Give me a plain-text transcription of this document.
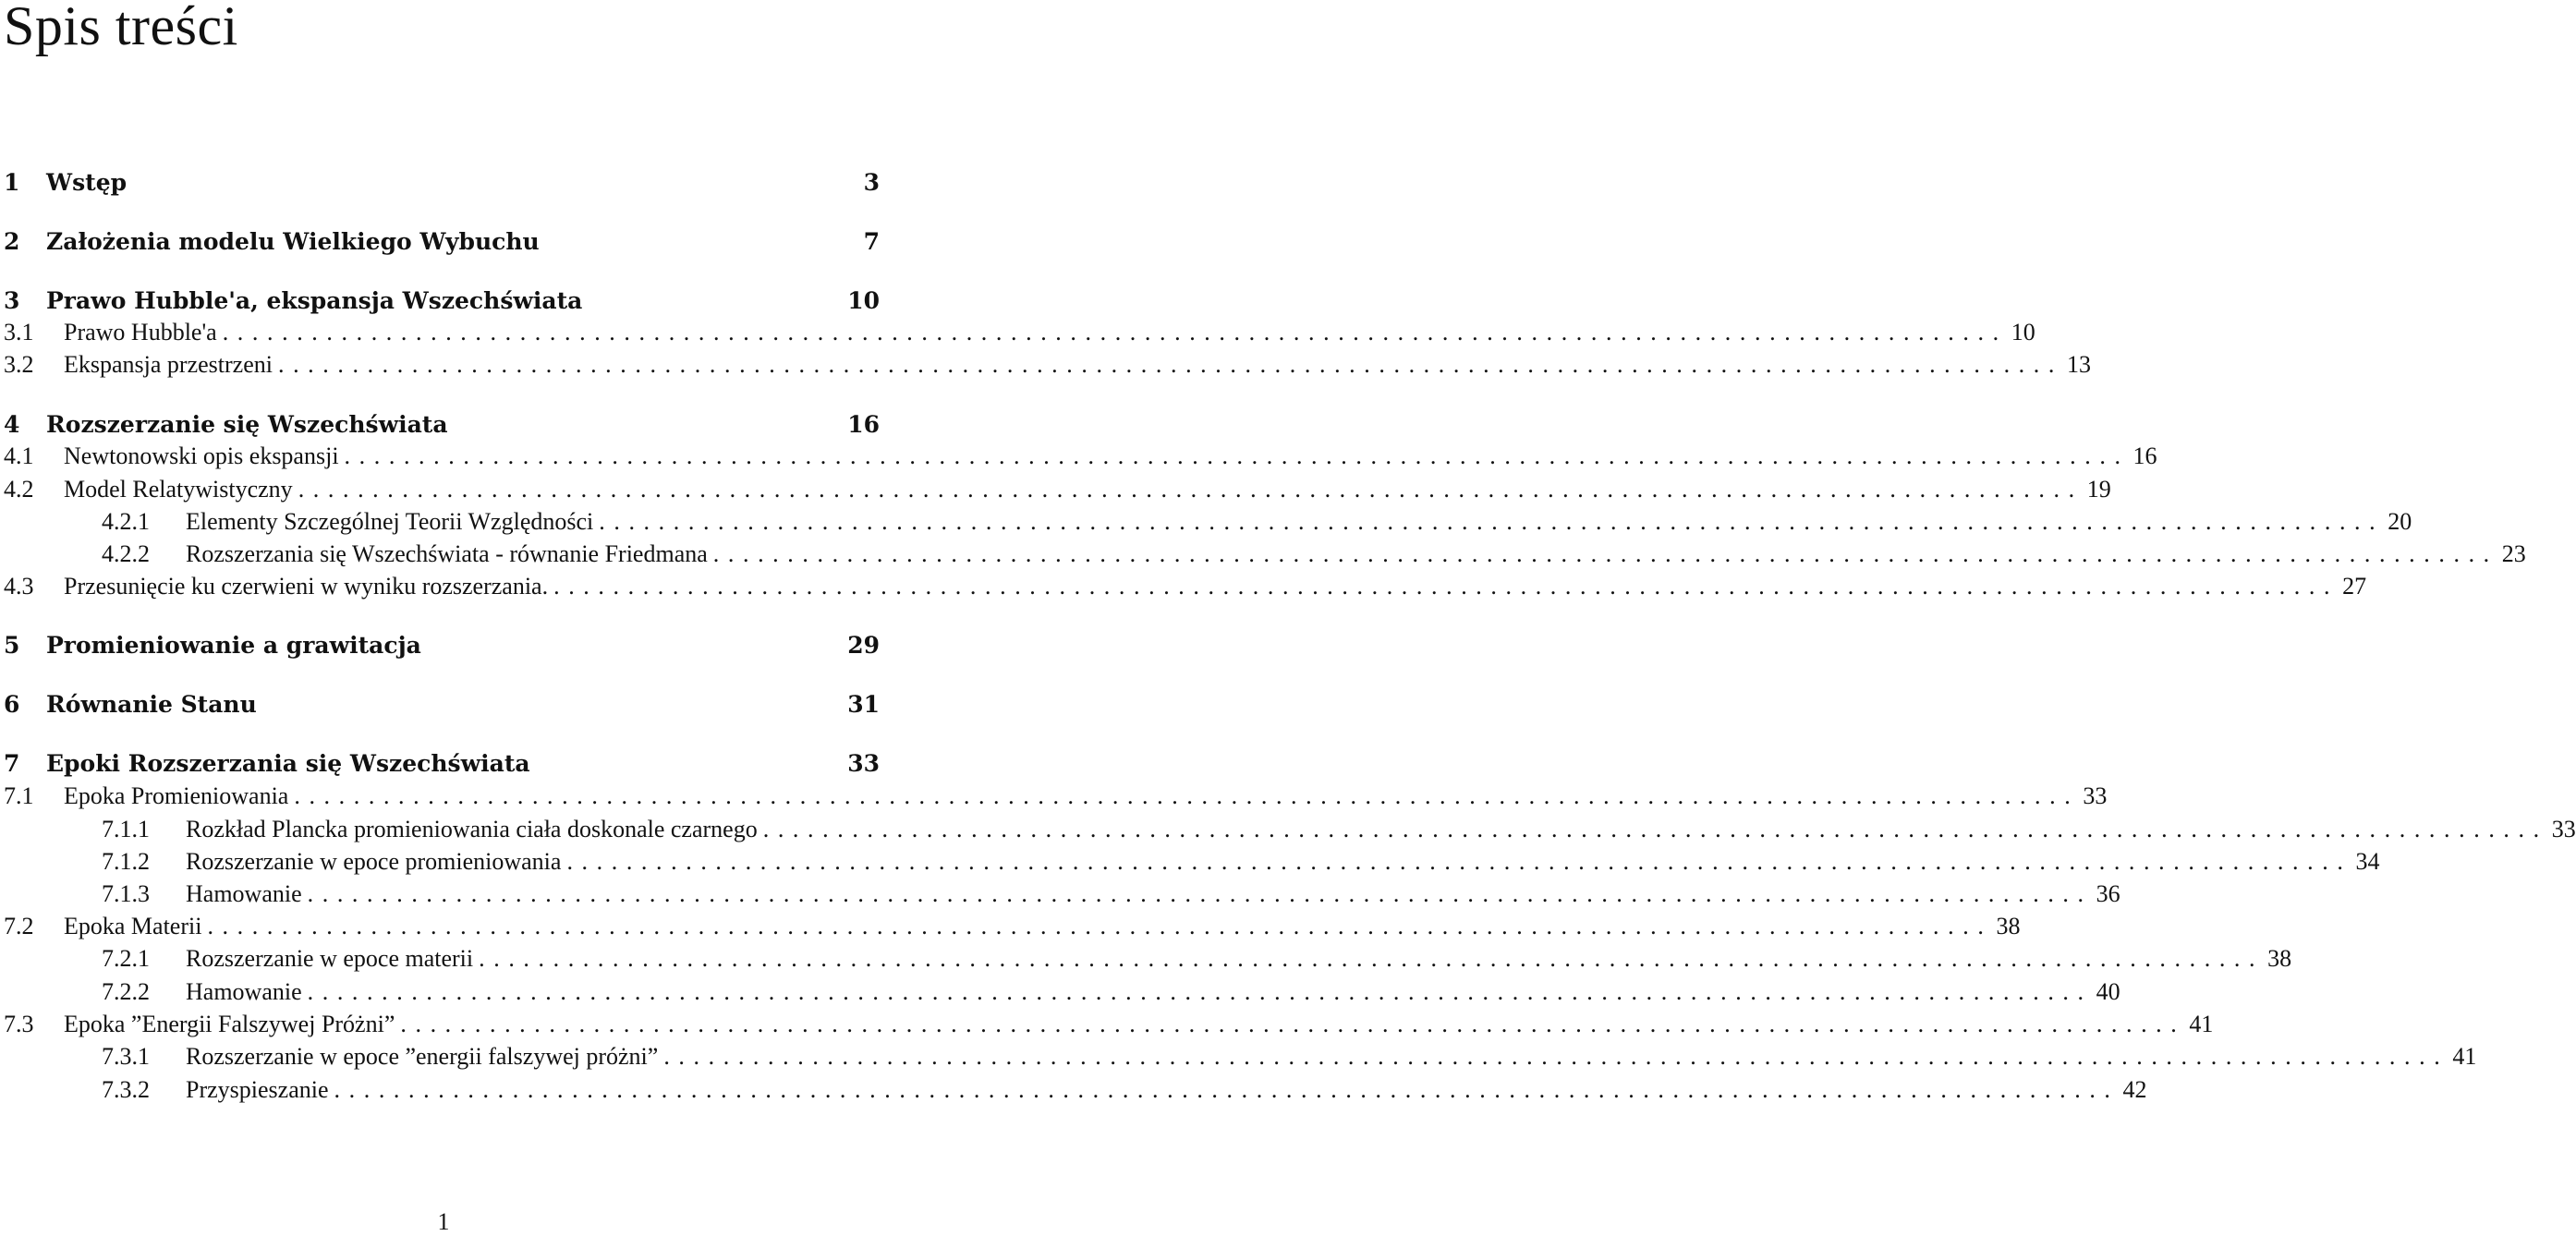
Spis treści
1	Wstęp	3
2	Założenia modelu Wielkiego Wybuchu	7
3	Prawo Hubble'a, ekspansja Wszechświata	10
3.1	Prawo Hubble'a ........................................................................................................................ 10
3.2	Ekspansja przestrzeni ........................................................................................................................ 13
4	Rozszerzanie się Wszechświata	16
4.1	Newtonowski opis ekspansji ........................................................................................................................ 16
4.2	Model Relatywistyczny ........................................................................................................................ 19
4.2.1	Elementy Szczególnej Teorii Względności ........................................................................................................................ 20
4.2.2	Rozszerzania się Wszechświata - równanie Friedmana ........................................................................................................................ 23
4.3	Przesunięcie ku czerwieni w wyniku rozszerzania. ........................................................................................................................ 27
5	Promieniowanie a grawitacja	29
6	Równanie Stanu	31
7	Epoki Rozszerzania się Wszechświata	33
7.1	Epoka Promieniowania ........................................................................................................................ 33
7.1.1	Rozkład Plancka promieniowania ciała doskonale czarnego ........................................................................................................................ 33
7.1.2	Rozszerzanie w epoce promieniowania ........................................................................................................................ 34
7.1.3	Hamowanie ........................................................................................................................ 36
7.2	Epoka Materii ........................................................................................................................ 38
7.2.1	Rozszerzanie w epoce materii ........................................................................................................................ 38
7.2.2	Hamowanie ........................................................................................................................ 40
7.3	Epoka ”Energii Falszywej Próżni” ........................................................................................................................ 41
7.3.1	Rozszerzanie w epoce ”energii falszywej próżni” ........................................................................................................................ 41
7.3.2	Przyspieszanie ........................................................................................................................ 42
1
